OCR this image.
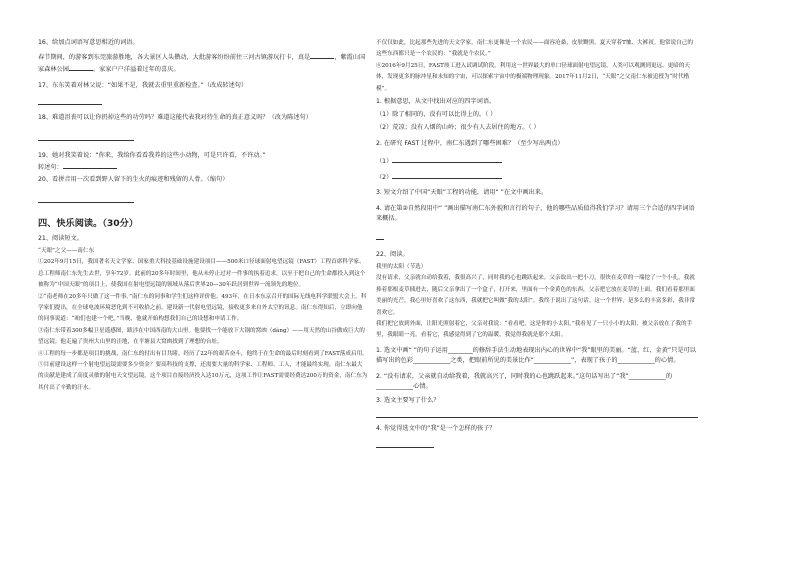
16、给加点词语写意思相近的词语。

春节期间，的游客到东莞旅游胜地，各大景区人头攒动，大批游客纷纷前往三河古镇游玩打卡，真是	，紫霞山国家森林公园	，家家户户洋溢着过年的喜庆。

17、东东笑着对林父说：“如果不是，我就去重里重新检查。”（改成转述句）

18、难道沮丧可以让你扔掉这些的功劳吗？难道这能代表我对待生命的真正意义吗？（改为陈述句）

19、她对我笑着说：“你来，我给你看看我养的这些小动物，可是只许看，不许动。”

转述句：

20、看拼音用一次看到野人留下的生火的痕迹和残留的人骨。（缩句）

四、快乐阅读。（30分）

21、阅读短文。

“天眼”之父——南仁东

①202年9月15日，我国著名天文学家、国家重大科技基础设施建设项目——500米口径球面射电望远镜（FAST）工程首席科学家、总工程师南仁东先生去世，享年72岁。此前的20多年时间里，他从未停止过对一件事的执着追求，以至于把自己的生命都投入到这个被称为“中国天眼”的项目上，使我国在射电望远镜的领域从落后世界20—30年跃居到世界一流领先的地位。

②“南老师在20多年只做了这一件事。”南仁东的同事和学生们这样评价他。493年，在日本东京召开的国际无线电科学联盟大会上，科学家们提出，在全球电波环境恶化到不可收拾之前，建设新一代射电望远镜，接收更多来自外太空的讯息。南仁东得知后，立即向他的同事说道：“咱们也建一个吧。”当晚，他就开始构想我们自己的设想和申请工作。

③南仁东带着300多幅卫星遥感图，跋涉在中国西南的大山里。他要找一个能放下大锅的窝凼（dàng）——用天然的山谷做成巨大的望远镜。他走遍了贵州大山里的洼地，在平塘县大窝凼找到了理想的台址。

④工程的每一步都是项目的挑战，南仁东的付出有目共睹。经历了22年的艰苦奋斗，他终于在生命的最后时刻看到了FAST落成启用。

⑤目前建设这样一个射电望远镜需要多少资金？要高科技的支撑，还需要大量的科学家、工程师、工人，才能最终实现。南仁东最大的贡献是建成了高度灵敏的射电天文望远镜，这个项目直接经济投入达10万元，这项工作让FAST需要经费达200万的资金，南仁东为其付出了辛勤的汗水。

不仅仅如此，比起那些先进的天文学家，南仁东更像是一个农民——面容沧桑，皮肤黝黑，夏天穿着T恤、大裤衩。他常说自己的这些东西都只是一个农民的：“我就是个农民。”

⑥2016年9月25日，FAST竣工进入试调试阶段。利用这一世界最大的单口径球面射电望远镜，人类可以观测到更远、更暗的天体，发现更多的脉冲星和未知的宇宙，可以探索宇宙中的极端物理现象。2017年11月2日，“天眼”之父南仁东被追授为“时代楷模”。

1. 根据意思，从文中找出对应的四字词语。

（1）除了相同的，没有可以比得上的。（ ）

（2）荒凉；没有人烟的山岭；很少有人去居住的地方。（ ）

2. 在研究 FAST 过程中，南仁东遇到了哪些困难？（至少写出两点）

（1）

（2）

3. 短文介绍了中国“天眼”工程的功能，请用“ ”在文中画出来。

4. 请在第②自然段用中“ ”画出描写南仁东外貌和言行的句子，他的哪些品质值得我们学习？请用三个合适的四字词语来概括。

22、阅读。

我里的太阳（节选）

没有请求，父亲就自动给我着，我很高兴了，同时我的心也跳跃起来。父亲取出一把小刀，很快在麦草的一端挖了一个小孔，我就捧着那根麦草插进去，随后父亲拿出了一个盒子，打开来，里面有一个金黄色的东西，父亲把它放在麦草的上面。我们看着那里面美丽的光芒，我心里好喜欢了这东西，我就把它叫做“我的太阳”。我终于说出了这句话。这一个世界，是多么的丰富多彩，我非常喜欢它。

我们把它放到外面，让阳光照射着它，父亲对我说：“看看吧，这是你的小太阳。”我看见了一只小小的太阳，被父亲放在了我的手里，我眼睛一亮，看着它，我感觉得到了它的温暖，我觉得我就是那个太阳。

1. 选文中画“ ”的句子运用________的修辞手法生动地表现出内心的世界中“我”眼里的美丽。“蓝、红、金黄”只是可以描写出的色彩____________之类，把眼前所见的美景比作“____________”，表现了孩子的____________的心情。

2. “没有请求，父亲就自动给我着，我就高兴了，同时我的心也跳跃起来。”这句话写出了“我”____________的____________心情。

3. 选文主要写了什么？

4. 你觉得选文中的“我”是一个怎样的孩子？
